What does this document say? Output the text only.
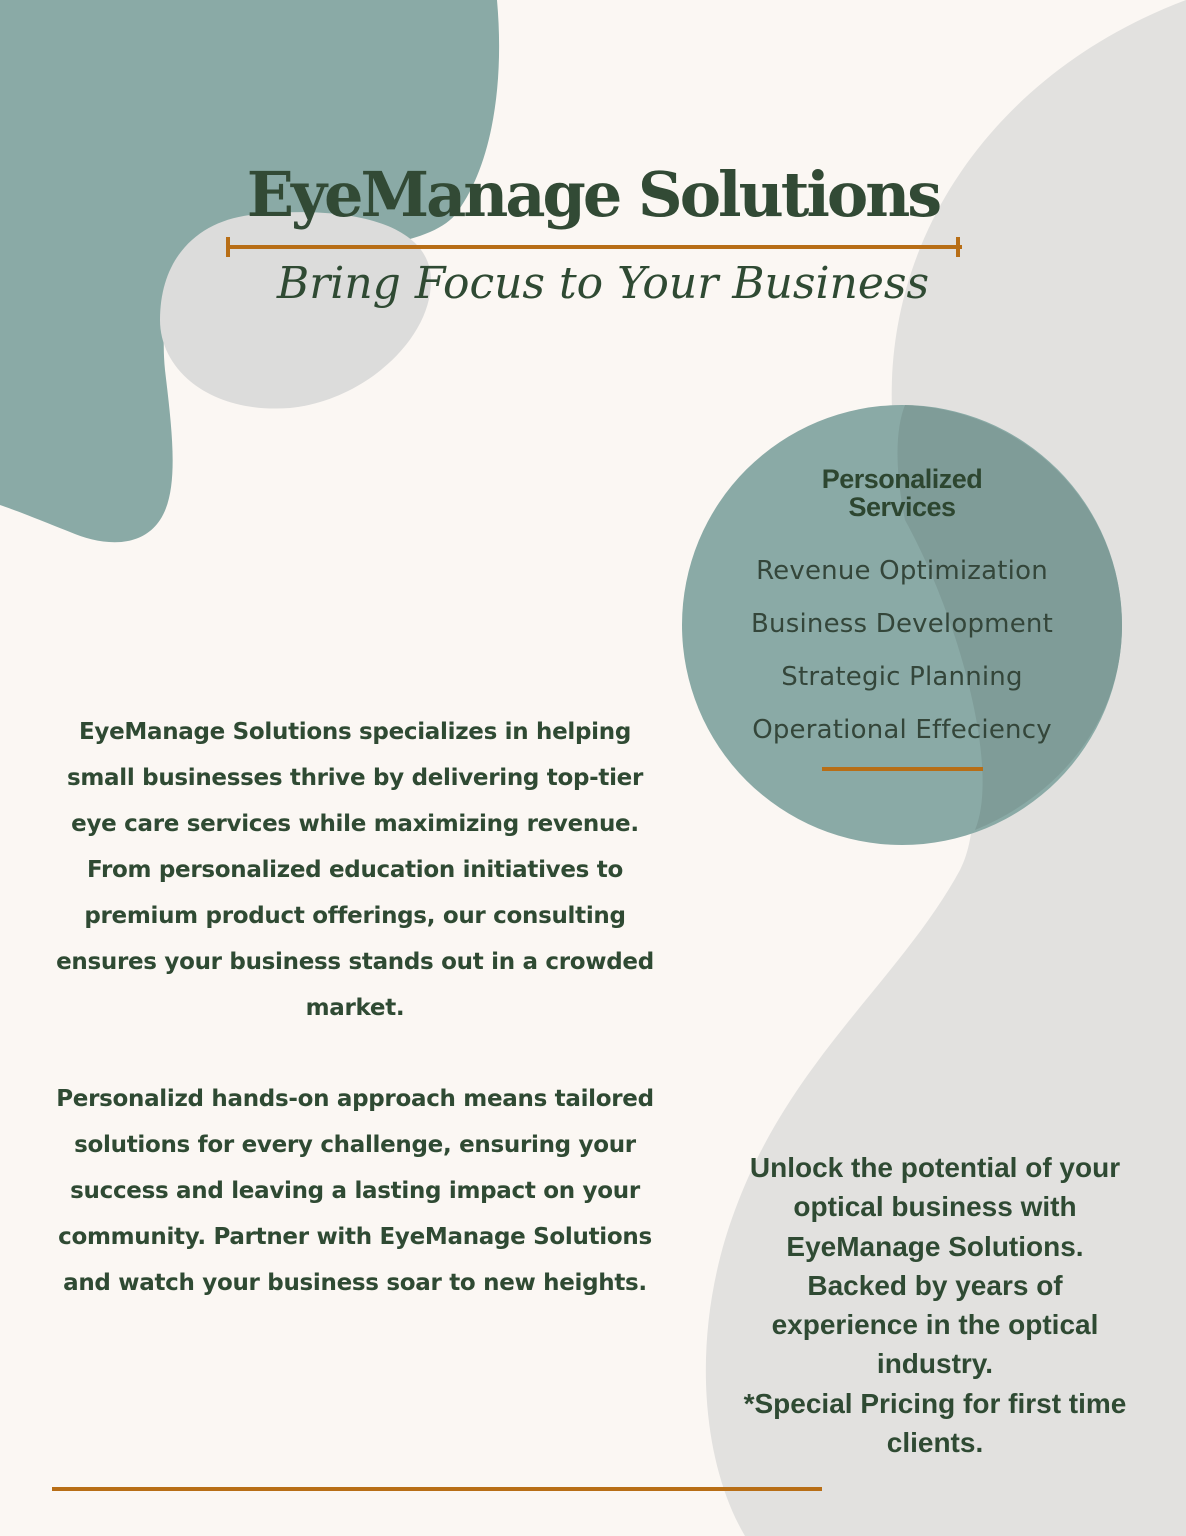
EyeManage Solutions

Bring Focus to Your Business

Personalized
Services
Revenue Optimization
Business Development
Strategic Planning
Operational Effeciency

EyeManage Solutions specializes in helping small businesses thrive by delivering top-tier eye care services while maximizing revenue. From personalized education initiatives to premium product offerings, our consulting ensures your business stands out in a crowded market.

Personalizd hands-on approach means tailored solutions for every challenge, ensuring your success and leaving a lasting impact on your community. Partner with EyeManage Solutions and watch your business soar to new heights.

Unlock the potential of your optical business with EyeManage Solutions. Backed by years of experience in the optical industry.

*Special Pricing for first time clients.
